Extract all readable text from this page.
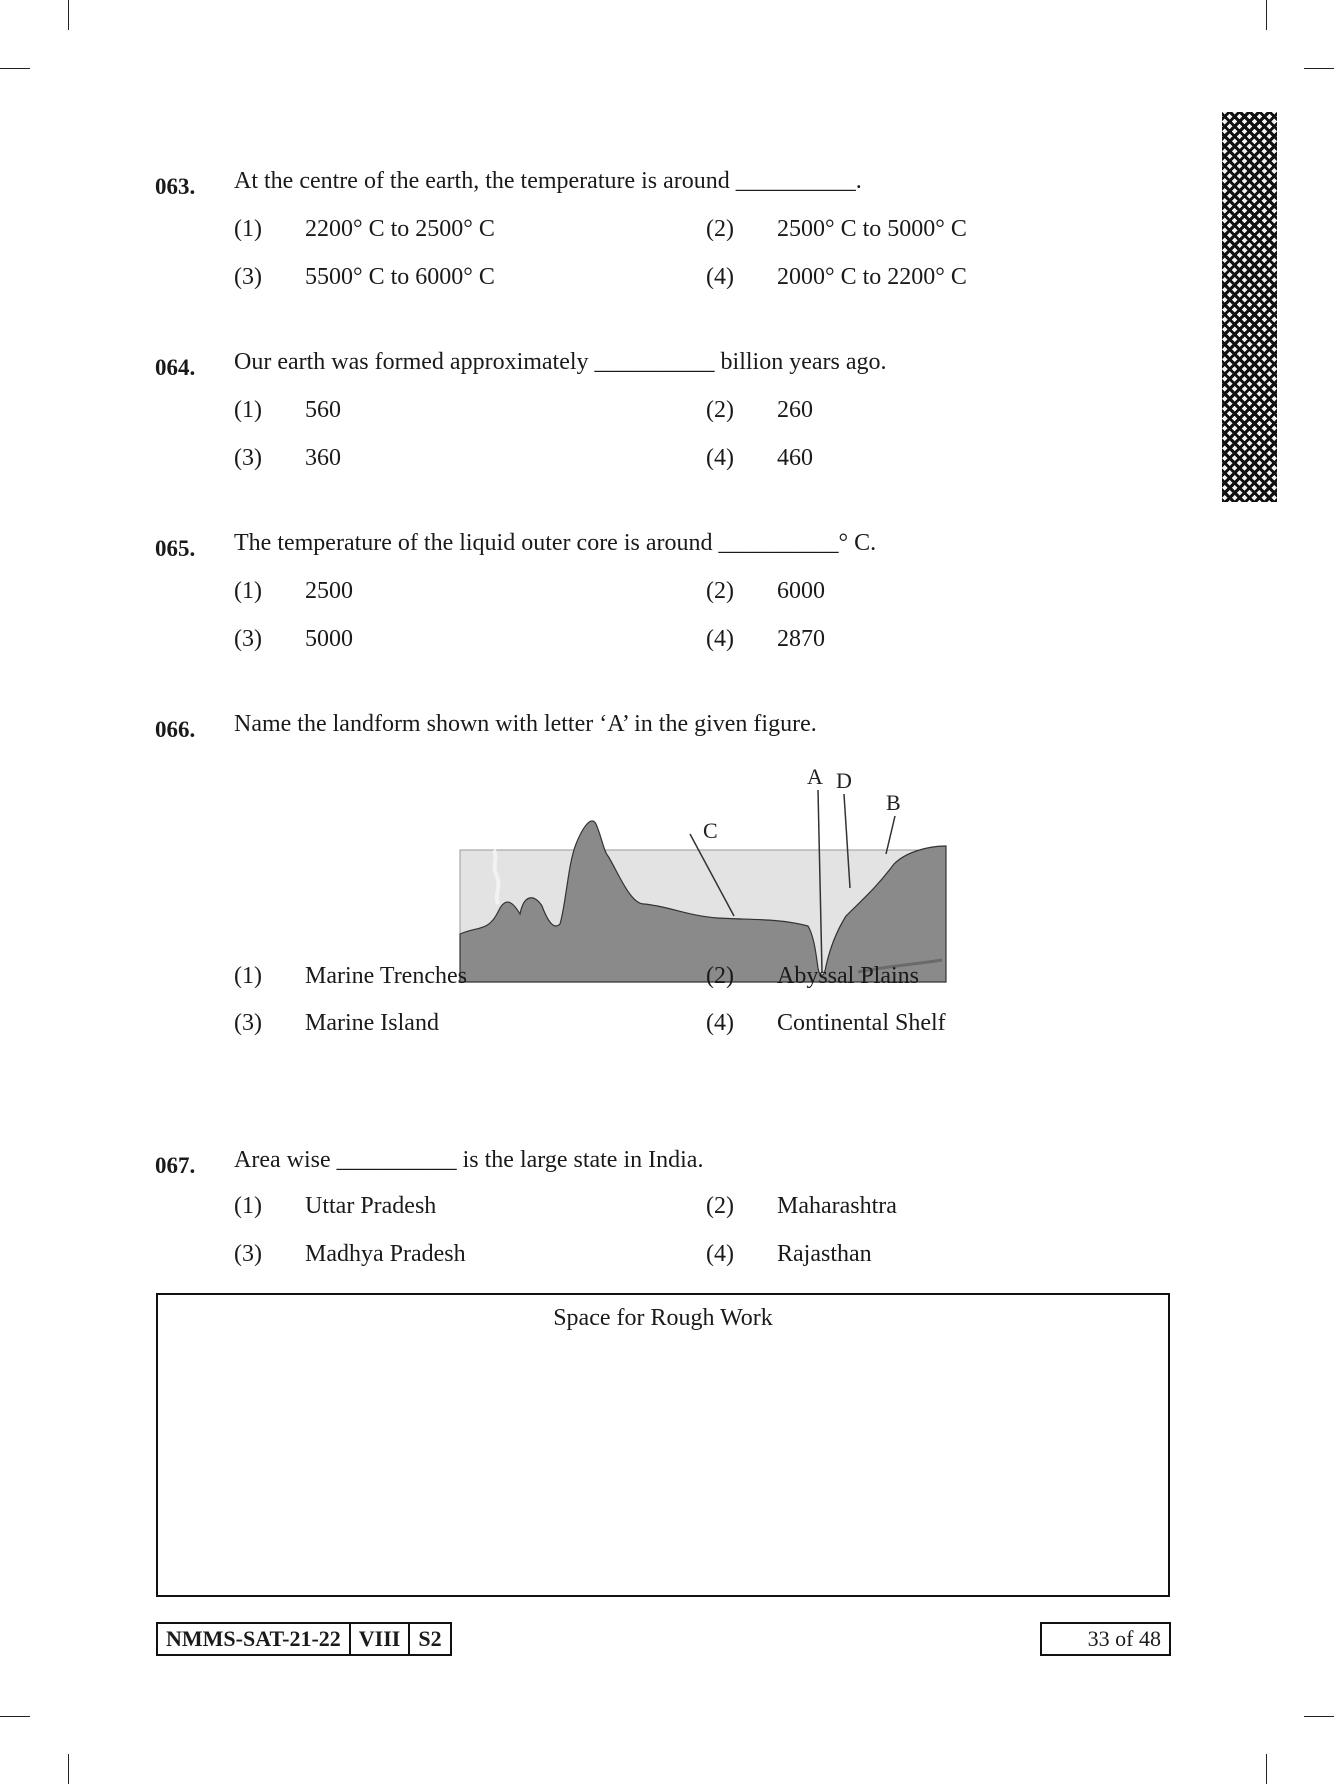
063. At the centre of the earth, the temperature is around __________.
(1) 2200° C to 2500° C	(2) 2500° C to 5000° C
(3) 5500° C to 6000° C	(4) 2000° C to 2200° C
064. Our earth was formed approximately __________ billion years ago.
(1) 560	(2) 260
(3) 360	(4) 460
065. The temperature of the liquid outer core is around __________° C.
(1) 2500	(2) 6000
(3) 5000	(4) 2870
066. Name the landform shown with letter ‘A’ in the given figure.
A D
B
C
(1) Marine Trenches	(2) Abyssal Plains
(3) Marine Island	(4) Continental Shelf
067. Area wise __________ is the large state in India.
(1) Uttar Pradesh	(2) Maharashtra
(3) Madhya Pradesh	(4) Rajasthan
Space for Rough Work
NMMS-SAT-21-22 VIII S2	33 of 48
